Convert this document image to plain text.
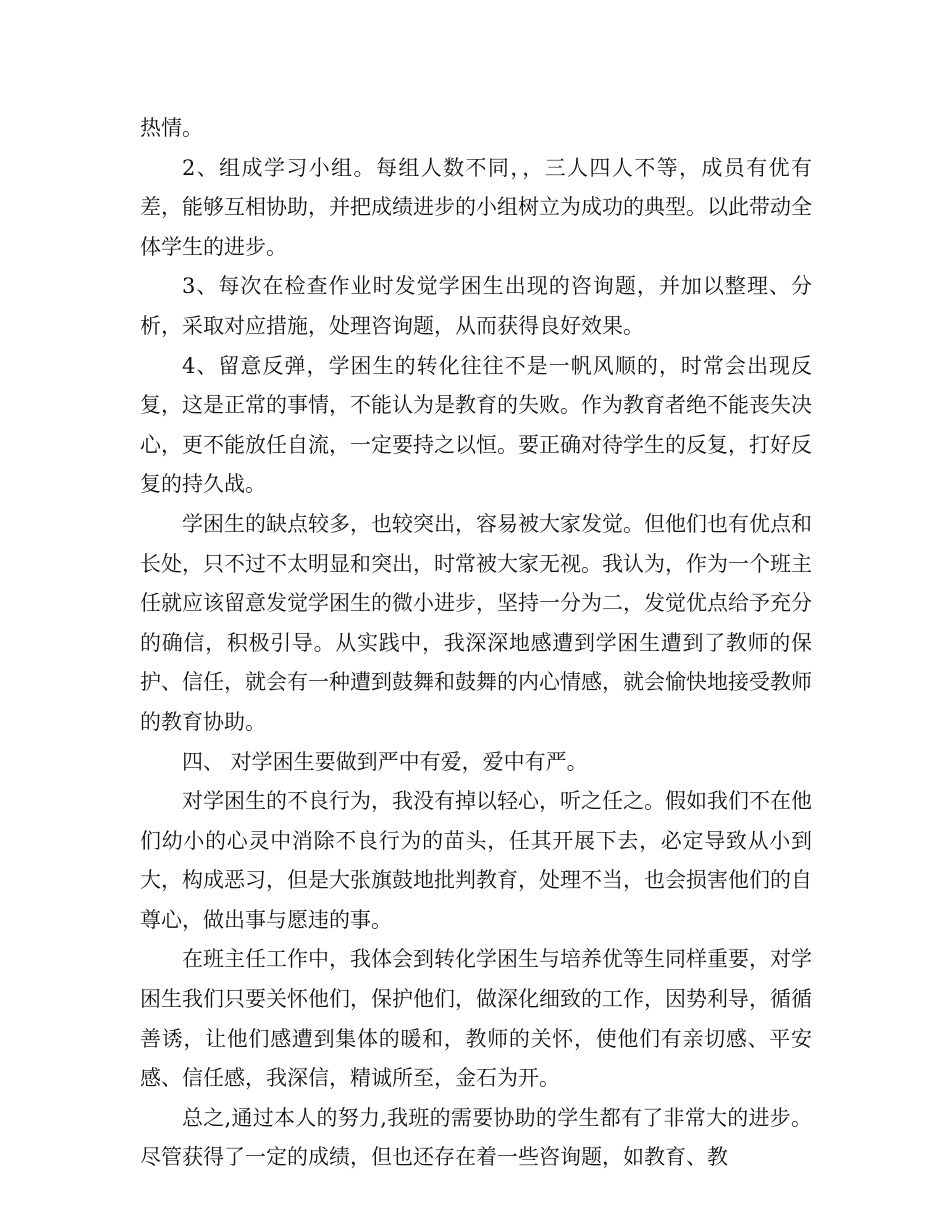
热情。

2、组成学习小组。每组人数不同，，三人四人不等，成员有优有差，能够互相协助，并把成绩进步的小组树立为成功的典型。以此带动全体学生的进步。

3、每次在检查作业时发觉学困生出现的咨询题，并加以整理、分析，采取对应措施，处理咨询题，从而获得良好效果。

4、留意反弹，学困生的转化往往不是一帆风顺的，时常会出现反复，这是正常的事情，不能认为是教育的失败。作为教育者绝不能丧失决心，更不能放任自流，一定要持之以恒。要正确对待学生的反复，打好反复的持久战。

学困生的缺点较多，也较突出，容易被大家发觉。但他们也有优点和长处，只不过不太明显和突出，时常被大家无视。我认为，作为一个班主任就应该留意发觉学困生的微小进步，坚持一分为二，发觉优点给予充分的确信，积极引导。从实践中，我深深地感遭到学困生遭到了教师的保护、信任，就会有一种遭到鼓舞和鼓舞的内心情感，就会愉快地接受教师的教育协助。

四、 对学困生要做到严中有爱，爱中有严。

对学困生的不良行为，我没有掉以轻心，听之任之。假如我们不在他们幼小的心灵中消除不良行为的苗头，任其开展下去，必定导致从小到大，构成恶习，但是大张旗鼓地批判教育，处理不当，也会损害他们的自尊心，做出事与愿违的事。

在班主任工作中，我体会到转化学困生与培养优等生同样重要，对学困生我们只要关怀他们，保护他们，做深化细致的工作，因势利导，循循善诱，让他们感遭到集体的暖和，教师的关怀，使他们有亲切感、平安感、信任感，我深信，精诚所至，金石为开。

总之,通过本人的努力,我班的需要协助的学生都有了非常大的进步。尽管获得了一定的成绩，但也还存在着一些咨询题，如教育、教
